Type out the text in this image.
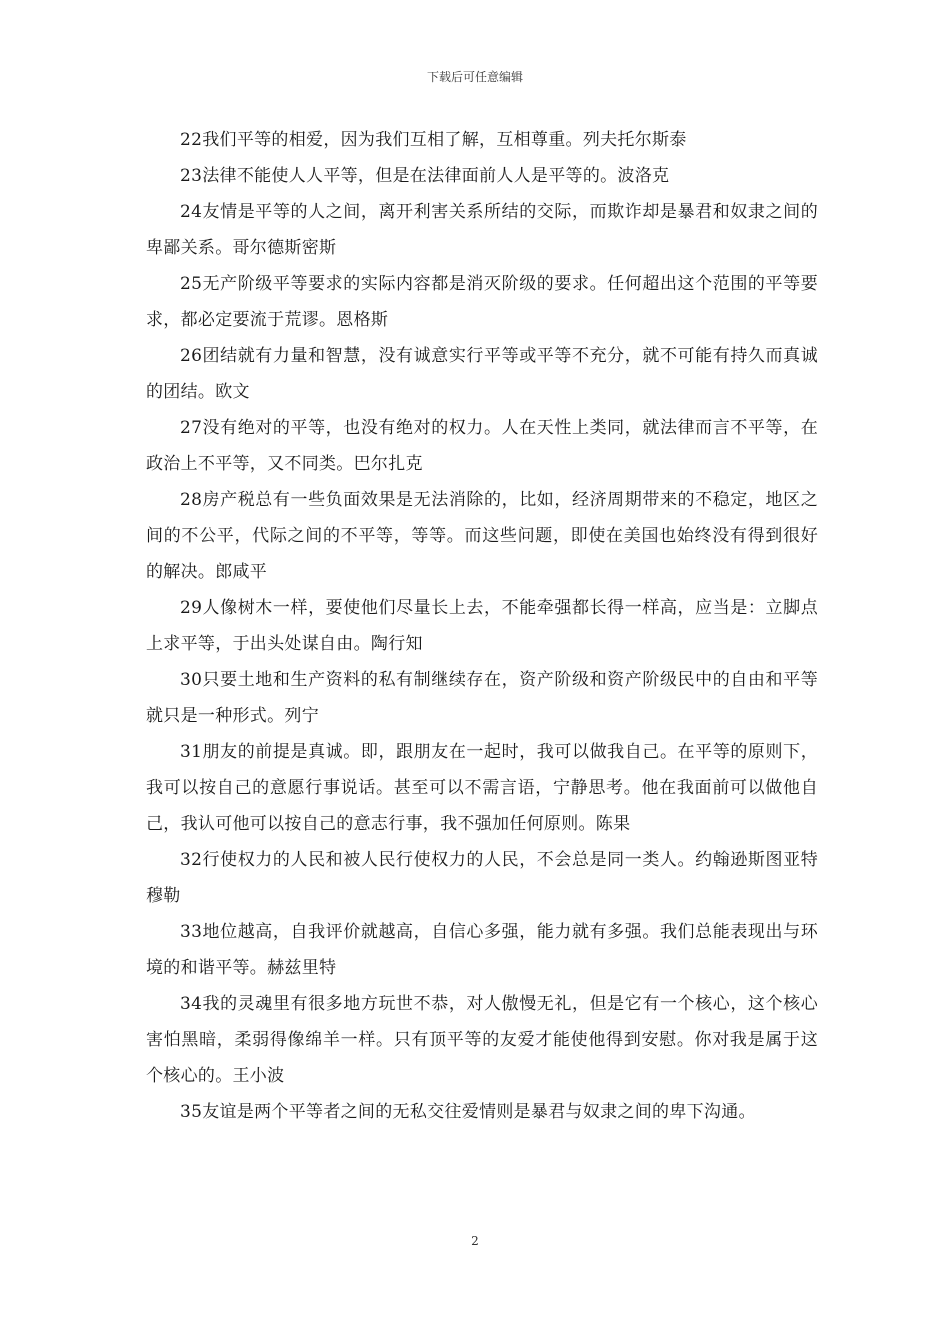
下载后可任意编辑

22我们平等的相爱，因为我们互相了解，互相尊重。列夫托尔斯泰

23法律不能使人人平等，但是在法律面前人人是平等的。波洛克

24友情是平等的人之间，离开利害关系所结的交际，而欺诈却是暴君和奴隶之间的卑鄙关系。哥尔德斯密斯

25无产阶级平等要求的实际内容都是消灭阶级的要求。任何超出这个范围的平等要求，都必定要流于荒谬。恩格斯

26团结就有力量和智慧，没有诚意实行平等或平等不充分，就不可能有持久而真诚的团结。欧文

27没有绝对的平等，也没有绝对的权力。人在天性上类同，就法律而言不平等，在政治上不平等，又不同类。巴尔扎克

28房产税总有一些负面效果是无法消除的，比如，经济周期带来的不稳定，地区之间的不公平，代际之间的不平等，等等。而这些问题，即使在美国也始终没有得到很好的解决。郎咸平

29人像树木一样，要使他们尽量长上去，不能牵强都长得一样高，应当是：立脚点上求平等，于出头处谋自由。陶行知

30只要土地和生产资料的私有制继续存在，资产阶级和资产阶级民中的自由和平等就只是一种形式。列宁

31朋友的前提是真诚。即，跟朋友在一起时，我可以做我自己。在平等的原则下，我可以按自己的意愿行事说话。甚至可以不需言语，宁静思考。他在我面前可以做他自己，我认可他可以按自己的意志行事，我不强加任何原则。陈果

32行使权力的人民和被人民行使权力的人民，不会总是同一类人。约翰逊斯图亚特穆勒

33地位越高，自我评价就越高，自信心多强，能力就有多强。我们总能表现出与环境的和谐平等。赫兹里特

34我的灵魂里有很多地方玩世不恭，对人傲慢无礼，但是它有一个核心，这个核心害怕黑暗，柔弱得像绵羊一样。只有顶平等的友爱才能使他得到安慰。你对我是属于这个核心的。王小波

35友谊是两个平等者之间的无私交往爱情则是暴君与奴隶之间的卑下沟通。

2
